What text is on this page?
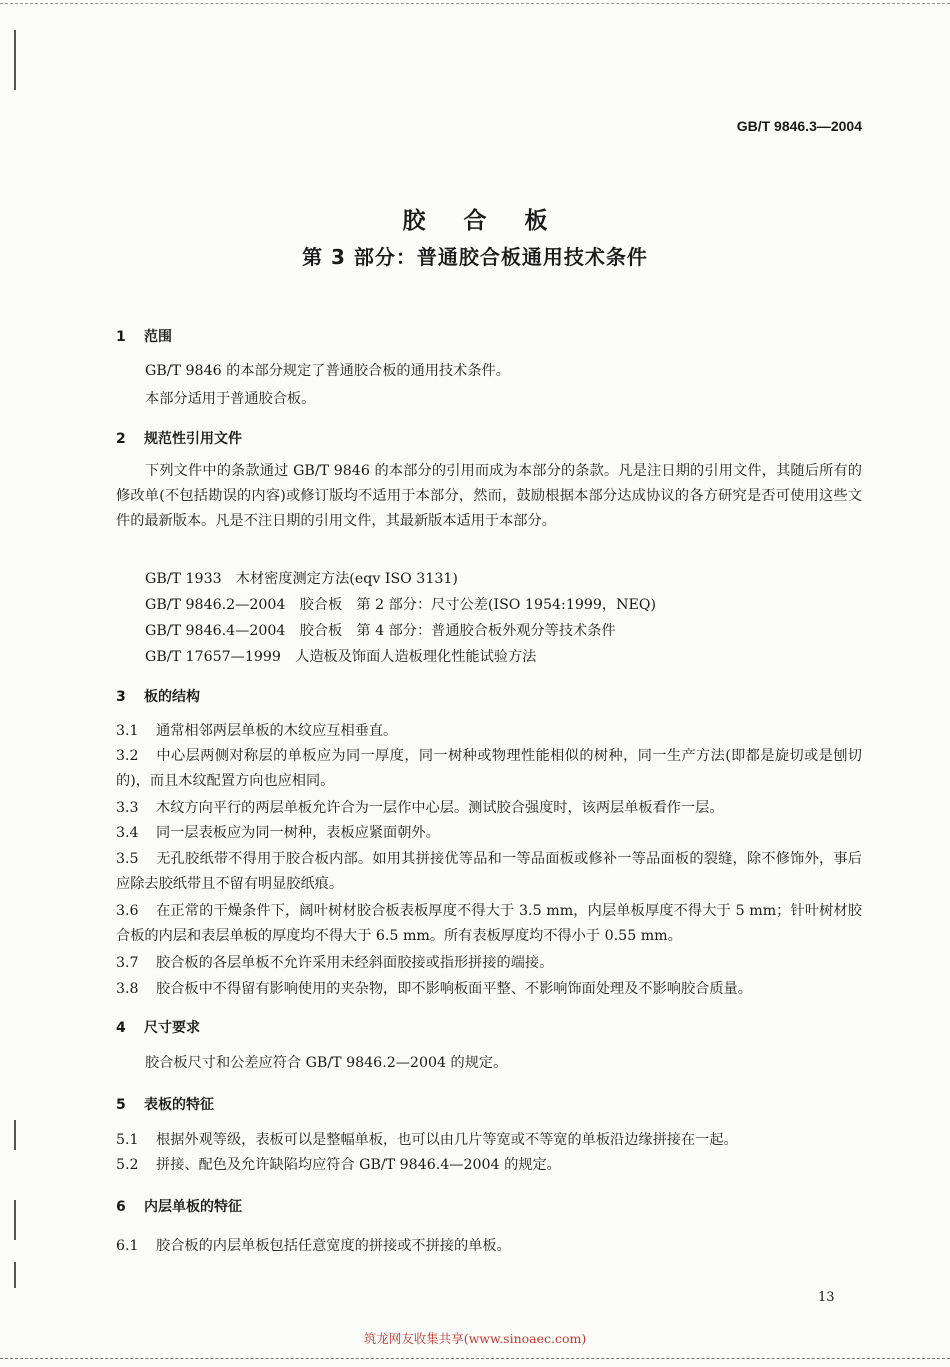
GB/T 9846.3—2004
胶 合 板
第 3 部分：普通胶合板通用技术条件
1 范围
GB/T 9846 的本部分规定了普通胶合板的通用技术条件。
本部分适用于普通胶合板。
2 规范性引用文件
下列文件中的条款通过 GB/T 9846 的本部分的引用而成为本部分的条款。凡是注日期的引用文件，其随后所有的修改单(不包括勘误的内容)或修订版均不适用于本部分，然而，鼓励根据本部分达成协议的各方研究是否可使用这些文件的最新版本。凡是不注日期的引用文件，其最新版本适用于本部分。
GB/T 1933　木材密度测定方法(eqv ISO 3131)
GB/T 9846.2—2004　胶合板　第 2 部分：尺寸公差(ISO 1954:1999，NEQ)
GB/T 9846.4—2004　胶合板　第 4 部分：普通胶合板外观分等技术条件
GB/T 17657—1999　人造板及饰面人造板理化性能试验方法
3 板的结构
3.1 通常相邻两层单板的木纹应互相垂直。
3.2 中心层两侧对称层的单板应为同一厚度，同一树种或物理性能相似的树种，同一生产方法(即都是旋切或是刨切的)，而且木纹配置方向也应相同。
3.3 木纹方向平行的两层单板允许合为一层作中心层。测试胶合强度时，该两层单板看作一层。
3.4 同一层表板应为同一树种，表板应紧面朝外。
3.5 无孔胶纸带不得用于胶合板内部。如用其拼接优等品和一等品面板或修补一等品面板的裂缝，除不修饰外，事后应除去胶纸带且不留有明显胶纸痕。
3.6 在正常的干燥条件下，阔叶树材胶合板表板厚度不得大于 3.5 mm，内层单板厚度不得大于 5 mm；针叶树材胶合板的内层和表层单板的厚度均不得大于 6.5 mm。所有表板厚度均不得小于 0.55 mm。
3.7 胶合板的各层单板不允许采用未经斜面胶接或指形拼接的端接。
3.8 胶合板中不得留有影响使用的夹杂物，即不影响板面平整、不影响饰面处理及不影响胶合质量。
4 尺寸要求
胶合板尺寸和公差应符合 GB/T 9846.2—2004 的规定。
5 表板的特征
5.1 根据外观等级，表板可以是整幅单板，也可以由几片等宽或不等宽的单板沿边缘拼接在一起。
5.2 拼接、配色及允许缺陷均应符合 GB/T 9846.4—2004 的规定。
6 内层单板的特征
6.1 胶合板的内层单板包括任意宽度的拼接或不拼接的单板。
13
筑龙网友收集共享(www.sinoaec.com)
